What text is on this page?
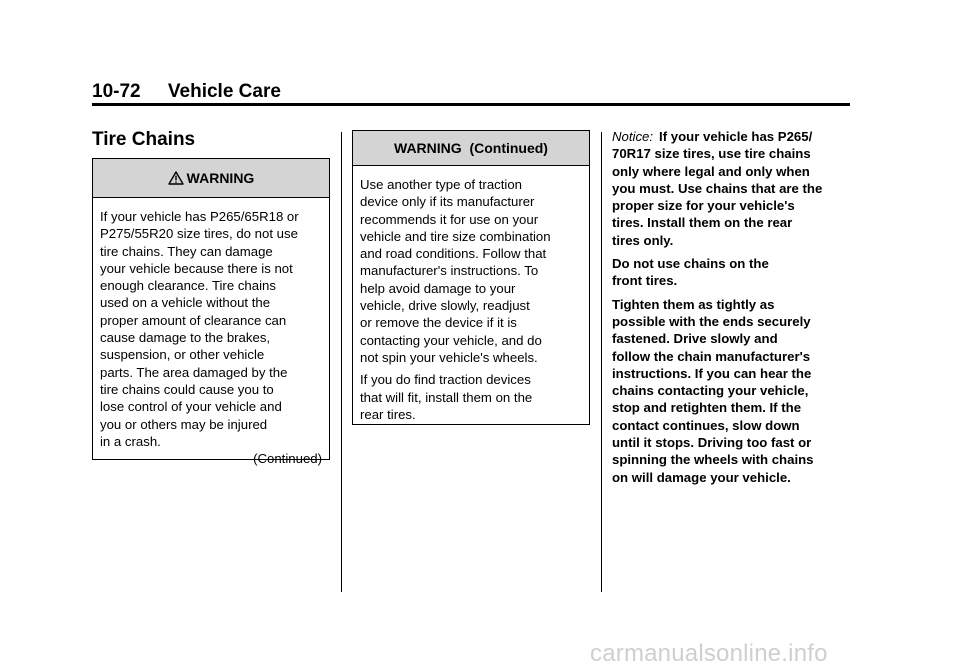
10-72 Vehicle Care
Tire Chains
WARNING

If your vehicle has P265/65R18 or
P275/55R20 size tires, do not use
tire chains. They can damage
your vehicle because there is not
enough clearance. Tire chains
used on a vehicle without the
proper amount of clearance can
cause damage to the brakes,
suspension, or other vehicle
parts. The area damaged by the
tire chains could cause you to
lose control of your vehicle and
you or others may be injured
in a crash.

(Continued)
WARNING  (Continued)

Use another type of traction
device only if its manufacturer
recommends it for use on your
vehicle and tire size combination
and road conditions. Follow that
manufacturer's instructions. To
help avoid damage to your
vehicle, drive slowly, readjust
or remove the device if it is
contacting your vehicle, and do
not spin your vehicle's wheels.

If you do find traction devices
that will fit, install them on the
rear tires.

Notice: If your vehicle has P265/
70R17 size tires, use tire chains
only where legal and only when
you must. Use chains that are the
proper size for your vehicle's
tires. Install them on the rear
tires only.

Do not use chains on the
front tires.

Tighten them as tightly as
possible with the ends securely
fastened. Drive slowly and
follow the chain manufacturer's
instructions. If you can hear the
chains contacting your vehicle,
stop and retighten them. If the
contact continues, slow down
until it stops. Driving too fast or
spinning the wheels with chains
on will damage your vehicle.

carmanualsonline.info
